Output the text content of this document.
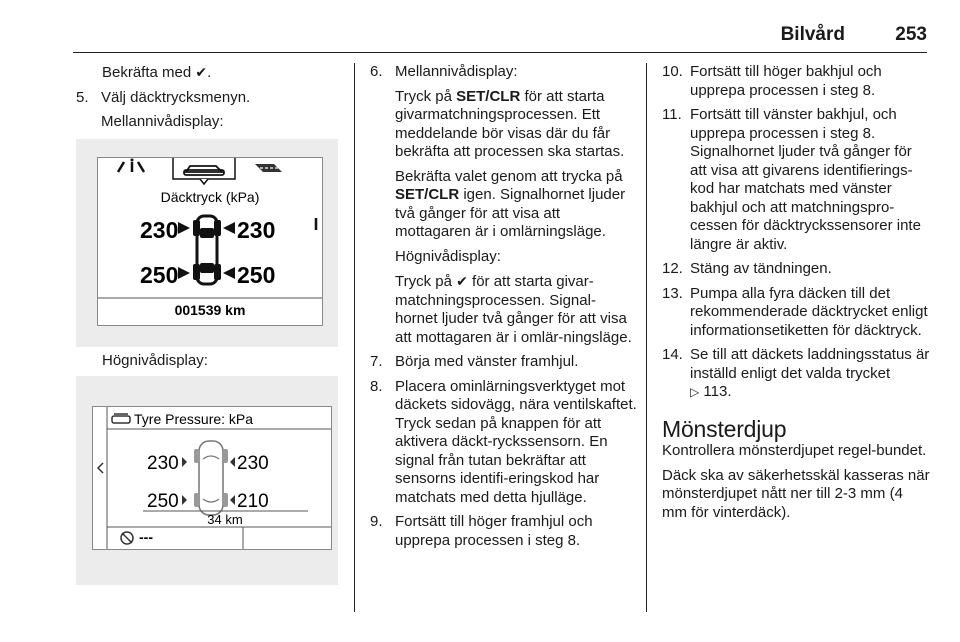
Bilvård	253

Bekräfta med ✔.

5. Välj däcktrycksmenyn.
Mellannivådisplay:
Däcktryck (kPa)
230	230
250	250
001539 km
Högnivådisplay:
Tyre Pressure: kPa
230	230
250	210
34 km
---
6. Mellannivådisplay:

Tryck på SET/CLR för att starta givarmatchningsprocessen. Ett meddelande bör visas där du får bekräfta att processen ska startas.

Bekräfta valet genom att trycka på SET/CLR igen. Signalhornet ljuder två gånger för att visa att mottagaren är i omlärningsläge.

Högnivådisplay:

Tryck på ✔ för att starta givar-matchningsprocessen. Signal-hornet ljuder två gånger för att visa att mottagaren är i omlär-ningsläge.

7. Börja med vänster framhjul.
8. Placera ominlärningsverktyget mot däckets sidovägg, nära ventilskaftet. Tryck sedan på knappen för att aktivera däckt-ryckssensorn. En signal från tutan bekräftar att sensorns identifi-eringskod har matchats med detta hjulläge.
9. Fortsätt till höger framhjul och upprepa processen i steg 8.
10. Fortsätt till höger bakhjul och upprepa processen i steg 8.
11. Fortsätt till vänster bakhjul, och upprepa processen i steg 8. Signalhornet ljuder två gånger för att visa att givarens identifierings-kod har matchats med vänster bakhjul och att matchningspro-cessen för däcktryckssensorer inte längre är aktiv.
12. Stäng av tändningen.
13. Pumpa alla fyra däcken till det rekommenderade däcktrycket enligt informationsetiketten för däcktryck.
14. Se till att däckets laddningsstatus är inställd enligt det valda trycket
▷ 113.
Mönsterdjup

Kontrollera mönsterdjupet regel-bundet.

Däck ska av säkerhetsskäl kasseras när mönsterdjupet nått ner till 2-3 mm (4 mm för vinterdäck).
